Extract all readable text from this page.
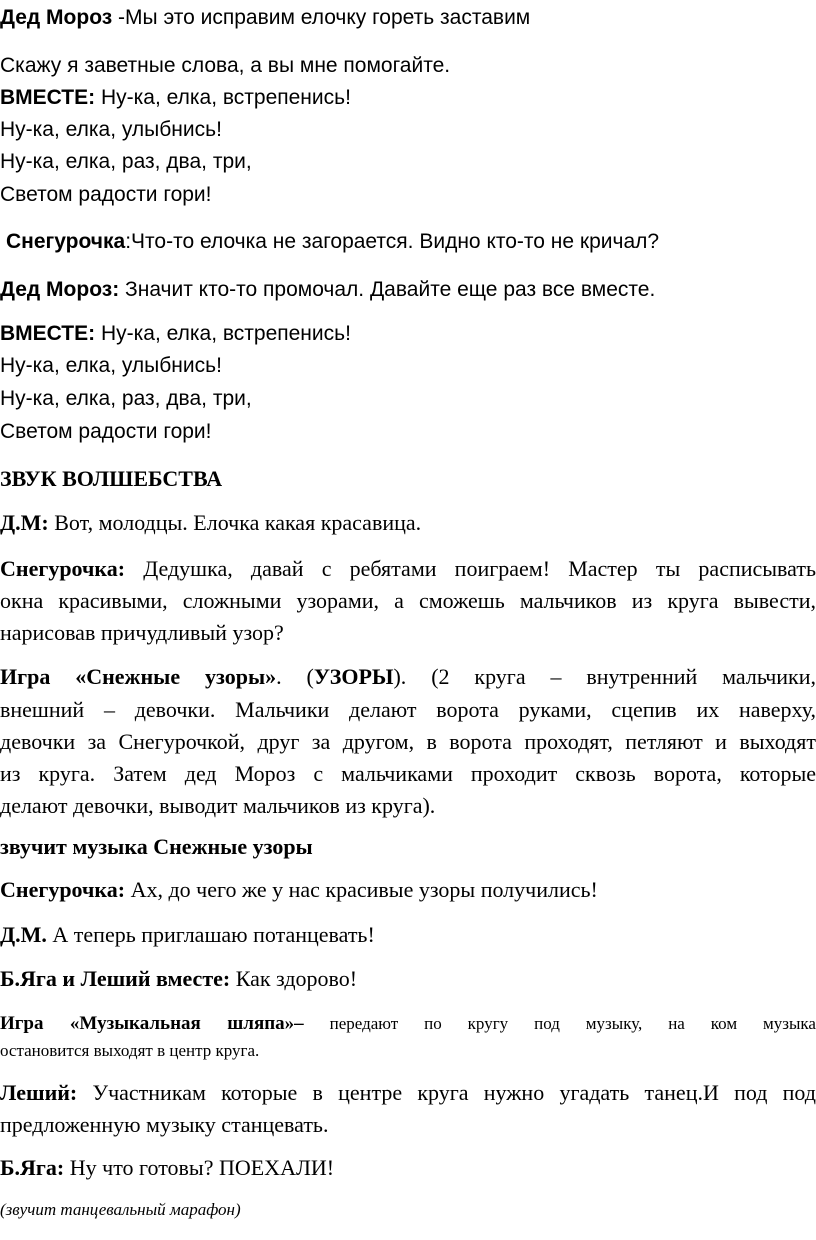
Дед Мороз -Мы это исправим елочку гореть заставим

Скажу я заветные слова, а вы мне помогайте.

ВМЕСТЕ: Ну-ка, елка, встрепенись!

Ну-ка, елка, улыбнись!

Ну-ка, елка, раз, два, три,

Светом радости гори!

Снегурочка:Что-то елочка не загорается. Видно кто-то не кричал?

Дед Мороз: Значит кто-то промочал. Давайте еще раз все вместе.

ВМЕСТЕ: Ну-ка, елка, встрепенись!

Ну-ка, елка, улыбнись!

Ну-ка, елка, раз, два, три,

Светом радости гори!

ЗВУК ВОЛШЕБСТВА

Д.М: Вот, молодцы. Елочка какая красавица.

Снегурочка: Дедушка, давай с ребятами поиграем! Мастер ты расписывать

окна красивыми, сложными узорами, а сможешь мальчиков из круга вывести,

нарисовав причудливый узор?

Игра «Снежные узоры». (УЗОРЫ). (2 круга – внутренний мальчики,

внешний – девочки. Мальчики делают ворота руками, сцепив их наверху,

девочки за Снегурочкой, друг за другом, в ворота проходят, петляют и выходят

из круга. Затем дед Мороз с мальчиками проходит сквозь ворота, которые

делают девочки, выводит мальчиков из круга).

звучит музыка Снежные узоры

Снегурочка: Ах, до чего же у нас красивые узоры получились!

Д.М. А теперь приглашаю потанцевать!

Б.Яга и Леший вместе: Как здорово!

Игра «Музыкальная шляпа»– передают по кругу под музыку, на ком музыка

остановится выходят в центр круга.

Леший: Участникам которые в центре круга нужно угадать танец.И под под

предложенную музыку станцевать.

Б.Яга: Ну что готовы? ПОЕХАЛИ!

(звучит танцевальный марафон)
